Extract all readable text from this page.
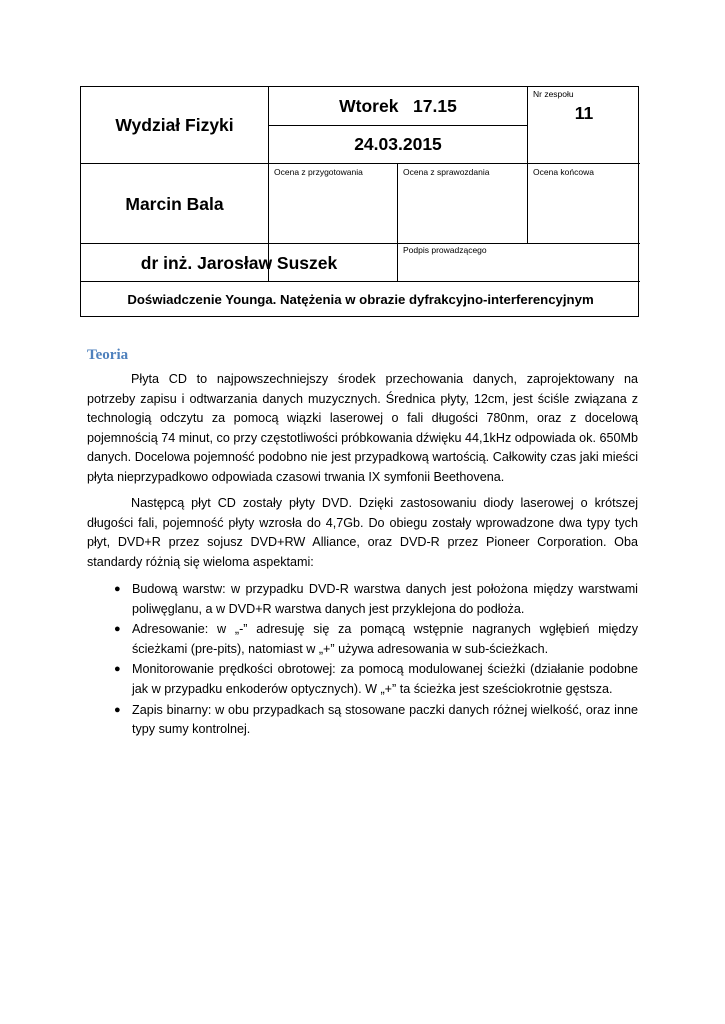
Wydział Fizyki
Wtorek   17.15
24.03.2015
Nr zespołu
11
Marcin Bala
Ocena z przygotowania	Ocena z sprawozdania	Ocena końcowa
dr inż. Jarosław Suszek
Podpis prowadzącego
Doświadczenie Younga. Natężenia w obrazie dyfrakcyjno-interferencyjnym
Teoria
Płyta CD to najpowszechniejszy środek przechowania danych, zaprojektowany na potrzeby zapisu i odtwarzania danych muzycznych. Średnica płyty, 12cm, jest ściśle związana z technologią odczytu za pomocą wiązki laserowej o fali długości 780nm, oraz z docelową pojemnością 74 minut, co przy częstotliwości próbkowania dźwięku 44,1kHz odpowiada ok. 650Mb danych. Docelowa pojemność podobno nie jest przypadkową wartością. Całkowity czas jaki mieści płyta nieprzypadkowo odpowiada czasowi trwania IX symfonii Beethovena.
Następcą płyt CD zostały płyty DVD. Dzięki zastosowaniu diody laserowej o krótszej długości fali, pojemność płyty wzrosła do 4,7Gb. Do obiegu zostały wprowadzone dwa typy tych płyt, DVD+R przez sojusz DVD+RW Alliance, oraz DVD-R przez Pioneer Corporation. Oba standardy różnią się wieloma aspektami:
● Budową warstw: w przypadku DVD-R warstwa danych jest położona między warstwami poliwęglanu, a w DVD+R warstwa danych jest przyklejona do podłoża.
● Adresowanie: w „-” adresuję się za pomącą wstępnie nagranych wgłębień między ścieżkami (pre-pits), natomiast w „+” używa adresowania w sub-ścieżkach.
● Monitorowanie prędkości obrotowej: za pomocą modulowanej ścieżki (działanie podobne jak w przypadku enkoderów optycznych). W „+” ta ścieżka jest sześciokrotnie gęstsza.
● Zapis binarny: w obu przypadkach są stosowane paczki danych różnej wielkość, oraz inne typy sumy kontrolnej.
